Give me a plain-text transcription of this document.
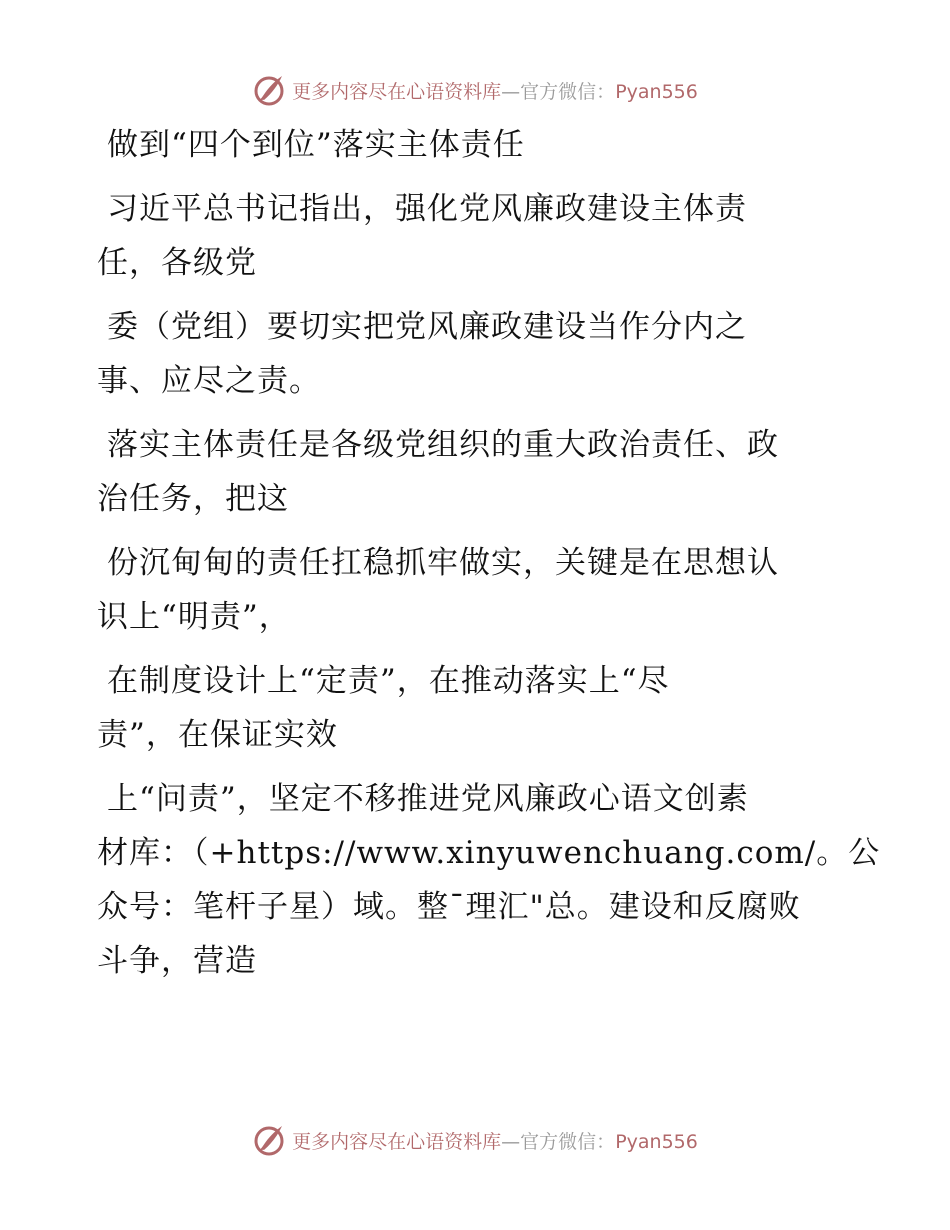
更多内容尽在心语资料库—官方微信：Pyan556
做到“四个到位”落实主体责任
习近平总书记指出，强化党风廉政建设主体责
任，各级党
委（党组）要切实把党风廉政建设当作分内之
事、应尽之责。
落实主体责任是各级党组织的重大政治责任、政
治任务，把这
份沉甸甸的责任扛稳抓牢做实，关键是在思想认
识上“明责”，
在制度设计上“定责”，在推动落实上“尽
责”，在保证实效
上“问责”，坚定不移推进党风廉政心语文创素
材库：（+https://www.xinyuwenchuang.com/。公
众号：笔杆子星）域。整¯理汇"总。建设和反腐败
斗争，营造
更多内容尽在心语资料库—官方微信：Pyan556
